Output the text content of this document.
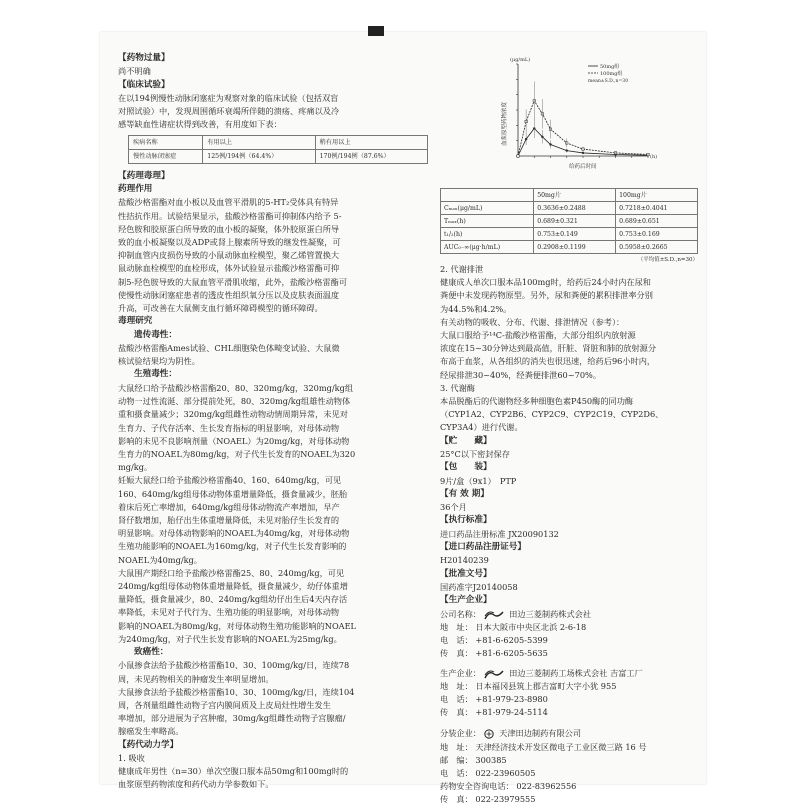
【药物过量】
尚不明确
【临床试验】
在以194例慢性动脉闭塞症为观察对象的临床试验（包括双盲
对照试验）中，发现周围循环衰竭所伴随的溃疡、疼痛以及冷
感等缺血性诸症状得到改善，有用度如下表：
疾病名称	有用以上	稍有用以上
慢性动脉闭塞症	125例/194例（64.4%）	170例/194例（87.6%）
【药理毒理】
药理作用
盐酸沙格雷酯对血小板以及血管平滑肌的5-HT₂受体具有特异
性拮抗作用。试验结果显示，盐酸沙格雷酯可抑制体内给予 5-
羟色胺和胶原蛋白所导致的血小板的凝聚，体外胶原蛋白所导
致的血小板凝聚以及ADP或肾上腺素所导致的继发性凝聚，可
抑制血管内皮损伤导致的小鼠动脉血栓模型，聚乙烯管置换大
鼠动脉血栓模型的血栓形成，体外试验显示盐酸沙格雷酯可抑
制5-羟色胺导致的大鼠血管平滑肌收缩，此外，盐酸沙格雷酯可
使慢性动脉闭塞症患者的透皮性组织氧分压以及皮肤表面温度
升高，可改善在大鼠侧支血行循环障碍模型的循环障碍。
毒理研究
遗传毒性：
盐酸沙格雷酯Ames试验、CHL细胞染色体畸变试验、大鼠微
核试验结果均为阴性。
生殖毒性：
大鼠经口给予盐酸沙格雷酯20、80、320mg/kg，320mg/kg组
动物一过性流涎、部分提前处死，80、320mg/kg组雄性动物体
重和摄食量减少；320mg/kg组雌性动物动情周期异常，未见对
生育力、子代存活率、生长发育指标的明显影响，对母体动物
影响的未见不良影响剂量（NOAEL）为20mg/kg，对母体动物
生育力的NOAEL为80mg/kg，对子代生长发育的NOAEL为320
mg/kg。
妊娠大鼠经口给予盐酸沙格雷酯40、160、640mg/kg，可见
160、640mg/kg组母体动物体重增量降低，摄食量减少，胚胎
着床后死亡率增加，640mg/kg组母体动物流产率增加，早产
肾仔数增加，胎仔出生体重增量降低，未见对胎仔生长发育的
明显影响。对母体动物影响的NOAEL为40mg/kg，对母体动物
生殖功能影响的NOAEL为160mg/kg，对子代生长发育影响的
NOAEL为40mg/kg。
大鼠围产期经口给予盐酸沙格雷酯25、80、240mg/kg，可见
240mg/kg组母体动物体重增量降低，摄食量减少，幼仔体重增
量降低，摄食量减少，80、240mg/kg组幼仔出生后4天内存活
率降低，未见对子代行为、生殖功能的明显影响，对母体动物
影响的NOAEL为80mg/kg，对母体动物生殖功能影响的NOAEL
为240mg/kg，对子代生长发育影响的NOAEL为25mg/kg。
致癌性：
小鼠掺食法给予盐酸沙格雷酯10、30、100mg/kg/日，连续78
周，未见药物相关的肿瘤发生率明显增加。
大鼠掺食法给予盐酸沙格雷酯10、30、100mg/kg/日，连续104
周，各剂量组雌性动物子宫内膜间质及上皮局灶性增生发生
率增加，部分进展为子宫肿瘤，30mg/kg组雌性动物子宫腺瘤/
腺癌发生率略高。
【药代动力学】
1. 吸收
健康成年男性（n=30）单次空腹口服本品50mg和100mg时的
血浆原型药物浓度和药代动力学参数如下。
(μg/mL)
血浆原型药物浓度
(h)
给药后时间
50mg组
100mg组
mean±S.D.,n=30
	50mg片	100mg片
Cₘₐₓ(μg/mL)	0.3636±0.2488	0.7218±0.4041
Tₘₐₓ(h)	0.689±0.321	0.689±0.651
t₁/₂(h)	0.753±0.149	0.753±0.169
AUC₀₋∞(μg·h/mL)	0.2908±0.1199	0.5958±0.2665
（平均值±S.D.,n=30）
2. 代谢排泄
健康成人单次口服本品100mg时，给药后24小时内在尿和
粪便中未发现药物原型。另外，尿和粪便的累积排泄率分别
为44.5%和4.2%。
有关动物的吸收、分布、代谢、排泄情况（参考）：
大鼠口服给予¹⁴C-盐酸沙格雷酯，大部分组织内放射源
浓度在15~30分钟达到最高值，肝脏、肾脏和肺的放射源分
布高于血浆，从各组织的消失也很迅速，给药后96小时内，
经尿排泄30~40%，经粪便排泄60~70%。
3. 代谢酶
本品脱酯后的代谢物经多种细胞色素P450酶的同功酶
（CYP1A2、CYP2B6、CYP2C9、CYP2C19、CYP2D6、
CYP3A4）进行代谢。
【贮　　藏】
25°C以下密封保存
【包　　装】
9片/盒（9x1）　PTP
【有 效 期】
36个月
【执行标准】
进口药品注册标准 JX20090132
【进口药品注册证号】
H20140239
【批准文号】
国药准字J20140058
【生产企业】
公司名称：	田边三菱制药株式会社
地　址： 日本大阪市中央区北浜 2-6-18
电　话： +81-6-6205-5399
传　真： +81-6-6205-5635
生产企业：	田边三菱制药工场株式会社 吉富工厂
地　址： 日本福冈县筑上郡吉富町大字小犹 955
电　话： +81-979-23-8980
传　真： +81-979-24-5114
分装企业： 天津田边制药有限公司
地　址： 天津经济技术开发区微电子工业区微三路 16 号
邮　编： 300385
电　话： 022-23960505
药物安全咨询电话： 022-83962556
传　真： 022-23979555
